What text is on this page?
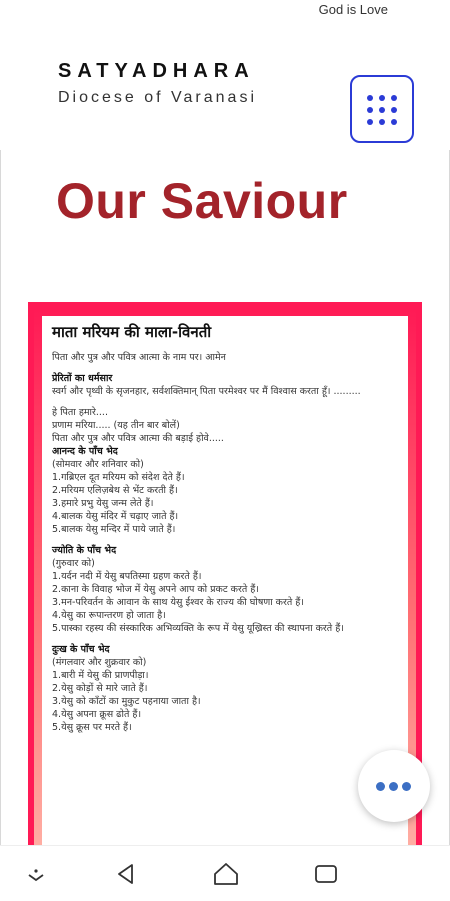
God is Love
SATYADHARA
Diocese of Varanasi
Our Saviour
माता मरियम की माला-विनती
पिता और पुत्र और पवित्र आत्मा के नाम पर। आमेन
प्रेरितों का धर्मसार
स्वर्ग और पृथ्वी के सृजनहार, सर्वशक्तिमान् पिता परमेश्वर पर मैं विश्वास करता हूँ। .........
हे पिता हमारे....
प्रणाम मरिया..... (यह तीन बार बोलें)
पिता और पुत्र और पवित्र आत्मा की बड़ाई होवे.....
आनन्द के पाँच भेद
(सोमवार और शनिवार को)
1.गब्रिएल दूत मरियम को संदेश देते हैं।
2.मरियम एलिज़बेथ से भेंट करती हैं।
3.हमारे प्रभु येसु जन्म लेते हैं।
4.बालक येसु मंदिर में चढ़ाए जाते हैं।
5.बालक येसु मन्दिर में पाये जाते हैं।
ज्योति के पाँच भेद
(गुरुवार को)
1.यर्दन नदी में येसु बपतिस्मा ग्रहण करते हैं।
2.काना के विवाह भोज में येसु अपने आप को प्रकट करते हैं।
3.मन-परिवर्तन के आवान के साथ येसु ईश्वर के राज्य की घोषणा करते हैं।
4.येसु का रूपान्तरण हो जाता है।
5.पास्का रहस्य की संस्कारिक अभिव्यक्ति के रूप में येसु यूख्रिस्त की स्थापना करते हैं।
दुःख के पाँच भेद
(मंगलवार और शुक्रवार को)
1.बारी में येसु की प्राणपीड़ा।
2.येसु कोड़ों से मारे जाते हैं।
3.येसु को काँटों का मुकुट पहनाया जाता है।
4.येसु अपना क्रूस ढोते हैं।
5.येसु क्रूस पर मरते हैं।
